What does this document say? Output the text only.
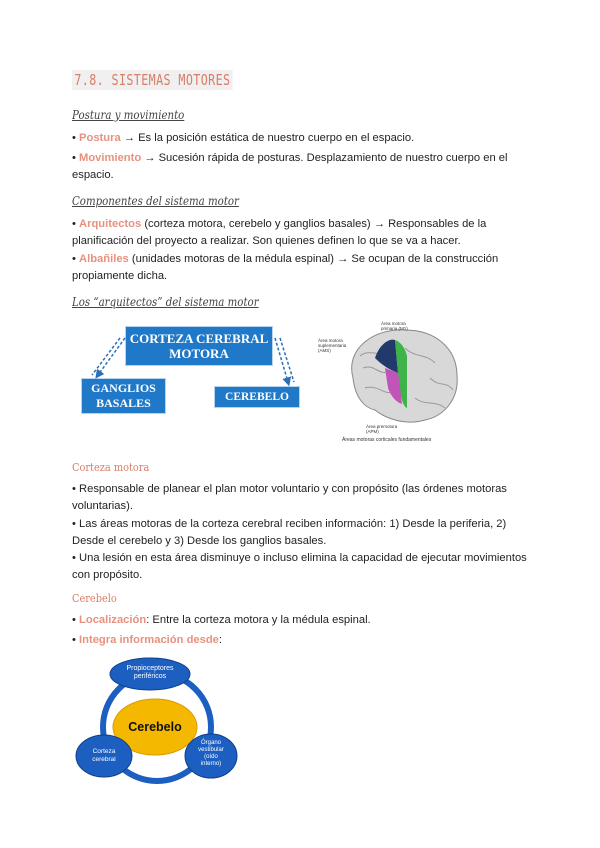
7.8. SISTEMAS MOTORES
Postura y movimiento
• Postura → Es la posición estática de nuestro cuerpo en el espacio.
• Movimiento → Sucesión rápida de posturas. Desplazamiento de nuestro cuerpo en el
espacio.
Componentes del sistema motor
• Arquitectos (corteza motora, cerebelo y ganglios basales) → Responsables de la
planificación del proyecto a realizar. Son quienes definen lo que se va a hacer.
• Albañiles (unidades motoras de la médula espinal) → Se ocupan de la construcción
propiamente dicha.
Los “arquitectos” del sistema motor
CORTEZA CEREBRAL
MOTORA
GANGLIOS
BASALES	CEREBELO
Área motora
primaria (M1)
Área motora
suplementaria
(AMS)
Área premotora
(APM)
Áreas motoras corticales fundamentales
Corteza motora
• Responsable de planear el plan motor voluntario y con propósito (las órdenes motoras
voluntarias).
• Las áreas motoras de la corteza cerebral reciben información: 1) Desde la periferia, 2)
Desde el cerebelo y 3) Desde los ganglios basales.
• Una lesión en esta área disminuye o incluso elimina la capacidad de ejecutar movimientos
con propósito.
Cerebelo
• Localización: Entre la corteza motora y la médula espinal.
• Integra información desde:
Propioceptores
periféricos
Cerebelo
Corteza
cerebral
Órgano
vestibular
(oído
interno)
